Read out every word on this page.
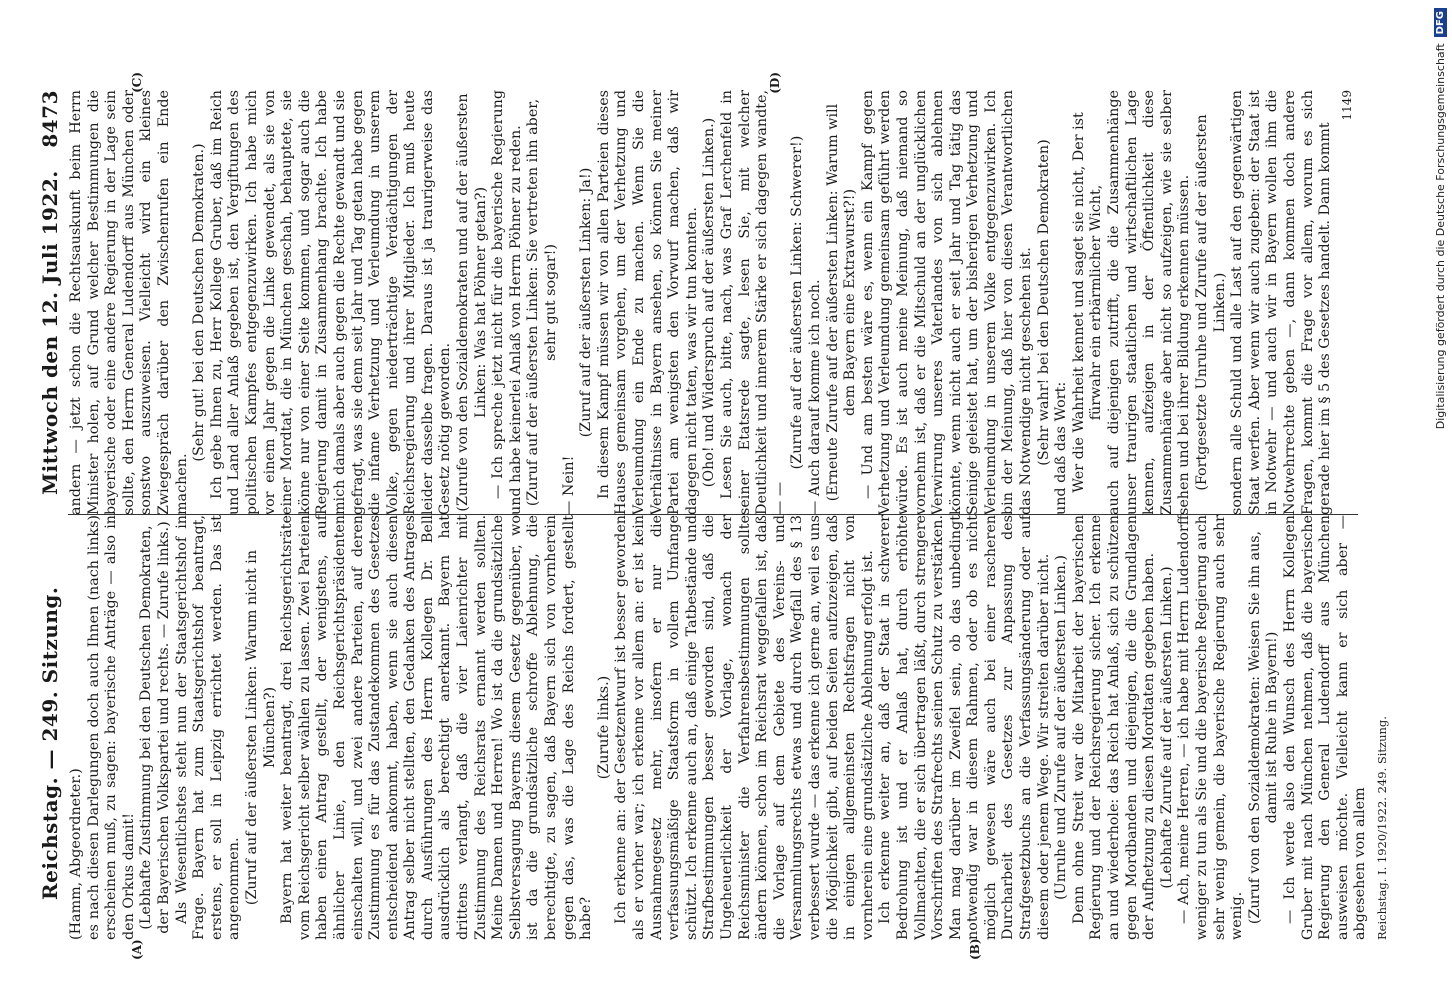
Reichstag. — 249. Sitzung.
Mittwoch den 12. Juli 1922.
8473
(A)	(B)
(C)	(D)

(Hamm, Abgeordneter.) es nach diesen Darlegungen doch auch Ihnen (nach links) erscheinen muß, zu sagen: bayerische Anträge — also in den Orkus damit! (Lebhafte Zustimmung bei den Deutschen Demokraten, der Bayerischen Volkspartei und rechts. — Zurufe links.) Als Wesentlichstes steht nun der Staatsgerichtshof in Frage. Bayern hat zum Staatsgerichtshof beantragt, erstens, er soll in Leipzig errichtet werden. Das ist angenommen. (Zuruf auf der äußersten Linken: Warum nicht in München?) Bayern hat weiter beantragt, drei Reichsgerichtsräte vom Reichsgericht selber wählen zu lassen. Zwei Parteien haben einen Antrag gestellt, der wenigstens, auf ähnlicher Linie, den Reichsgerichtspräsidenten einschalten will, und zwei andere Parteien, auf deren Zustimmung es für das Zustandekommen des Gesetzes entscheidend ankommt, haben, wenn sie auch diesen Antrag selber nicht stellten, den Gedanken des Antrages durch Ausführungen des Herrn Kollegen Dr. Bell ausdrücklich als berechtigt anerkannt. Bayern hat drittens verlangt, daß die vier Laienrichter mit Zustimmung des Reichsrats ernannt werden sollten. Meine Damen und Herren! Wo ist da die grundsätzliche Selbstversagung Bayerns diesem Gesetz gegenüber, wo ist da die grundsätzliche schroffe Ablehnung, die berechtigte, zu sagen, daß Bayern sich von vornherein gegen das, was die Lage des Reichs fordert, gestellt habe?

(Zurufe links.) Ich erkenne an: der Gesetzentwurf ist besser geworden als er vorher war; ich erkenne vor allem an: er ist kein Ausnahmegesetz mehr, insofern er nur die verfassungsmäßige Staatsform in vollem Umfange schützt. Ich erkenne auch an, daß einige Tatbestände und Strafbestimmungen besser geworden sind, daß die Ungeheuerlichkeit der Vorlage, wonach der Reichsminister die Verfahrensbestimmungen sollte ändern können, schon im Reichsrat weggefallen ist, daß die Vorlage auf dem Gebiete des Vereins- und Versammlungsrechts etwas und durch Wegfall des § 13 verbessert wurde — das erkenne ich gerne an, weil es uns die Möglichkeit gibt, auf beiden Seiten aufzuzeigen, daß in einigen allgemeinsten Rechtsfragen nicht von vornherein eine grundsätzliche Ablehnung erfolgt ist. Ich erkenne weiter an, daß der Staat in schwerer Bedrohung ist und er Anlaß hat, durch erhöhte Vollmachten, die er sich übertragen läßt, durch strengere Vorschriften des Strafrechts seinen Schutz zu verstärken. Man mag darüber im Zweifel sein, ob das unbedingt notwendig war in diesem Rahmen, oder ob es nicht möglich gewesen wäre auch bei einer rascheren Durcharbeit des Gesetzes zur Anpassung des Strafgesetzbuchs an die Verfassungsänderung oder auf diesem oder jenem Wege. Wir streiten darüber nicht. (Unruhe und Zurufe auf der äußersten Linken.) Denn ohne Streit war die Mitarbeit der bayerischen Regierung und der Reichsregierung sicher. Ich erkenne an und wiederhole: das Reich hat Anlaß, sich zu schützen gegen Mordbanden und diejenigen, die die Grundlagen der Aufhetzung zu diesen Mordtaten gegeben haben. (Lebhafte Zurufe auf der äußersten Linken.) — Ach, meine Herren, — ich habe mit Herrn Ludendorff weniger zu tun als Sie und die bayerische Regierung auch sehr wenig gemein, die bayerische Regierung auch sehr wenig. (Zuruf von den Sozialdemokraten: Weisen Sie ihn aus, damit ist Ruhe in Bayern!) — Ich werde also den Wunsch des Herrn Kollegen Gruber mit nach München nehmen, daß die bayerische Regierung den General Ludendorff aus München ausweisen möchte. Vielleicht kann er sich aber — abgesehen von allem Reichstag. I. 1920/1922. 249. Sitzung.

andern — jetzt schon die Rechtsauskunft beim Herrn Minister holen, auf Grund welcher Bestimmungen die bayerische oder eine andere Regierung in der Lage sein sollte, den Herrn General Ludendorff aus München oder sonstwo auszuweisen. Vielleicht wird ein kleines Zwiegespräch darüber den Zwischenrufen ein Ende machen.

(Sehr gut! bei den Deutschen Demokraten.) Ich gebe Ihnen zu, Herr Kollege Gruber, daß im Reich und Land aller Anlaß gegeben ist, den Vergiftungen des politischen Kampfes entgegenzuwirken. Ich habe mich vor einem Jahr gegen die Linke gewendet, als sie von einer Mordtat, die in München geschah, behauptete, sie könne nur von einer Seite kommen, und sogar auch die Regierung damit in Zusammenhang brachte. Ich habe mich damals aber auch gegen die Rechte gewandt und sie gefragt, was sie denn seit Jahr und Tag getan habe gegen die infame Verhetzung und Verleumdung in unserem Volke, gegen niederträchtige Verdächtigungen der Reichsregierung und ihrer Mitglieder. Ich muß heute leider dasselbe fragen. Daraus ist ja traurigerweise das Gesetz nötig geworden. (Zurufe von den Sozialdemokraten und auf der äußersten Linken: Was hat Pöhner getan?) — Ich spreche jetzt nicht für die bayerische Regierung und habe keinerlei Anlaß von Herrn Pöhner zu reden. (Zuruf auf der äußersten Linken: Sie vertreten ihn aber, sehr gut sogar!)

— Nein!

(Zuruf auf der äußersten Linken: Ja!) In diesem Kampf müssen wir von allen Parteien dieses Hauses gemeinsam vorgehen, um der Verhetzung und Verleumdung ein Ende zu machen. Wenn Sie die Verhältnisse in Bayern ansehen, so können Sie meiner Partei am wenigsten den Vorwurf machen, daß wir dagegen nicht taten, was wir tun konnten. (Oho! und Widerspruch auf der äußersten Linken.) Lesen Sie auch, bitte, nach, was Graf Lerchenfeld in seiner Etatsrede sagte, lesen Sie, mit welcher Deutlichkeit und innerem Stärke er sich dagegen wandte, — —

(Zurufe auf der äußersten Linken: Schwerer!) — Auch darauf komme ich noch. (Erneute Zurufe auf der äußersten Linken: Warum will dem Bayern eine Extrawurst?!) — Und am besten wäre es, wenn ein Kampf gegen Verhetzung und Verleumdung gemeinsam geführt werden würde. Es ist auch meine Meinung, daß niemand so vornehm ist, daß er die Mitschuld an der unglücklichen Verwirrung unseres Vaterlandes von sich ablehnen könnte, wenn nicht auch er seit Jahr und Tag tätig das Seinige geleistet hat, um der bisherigen Verhetzung und Verleumdung in unserem Volke entgegenzuwirken. Ich bin der Meinung, daß hier von diesen Verantwortlichen das Notwendige nicht geschehen ist. (Sehr wahr! bei den Deutschen Demokraten) und daß das Wort: Wer die Wahrheit kennet und saget sie nicht, Der ist fürwahr ein erbärmlicher Wicht, auch auf diejenigen zutrifft, die die Zusammenhänge unser traurigen staatlichen und wirtschaftlichen Lage kennen, aufzeigen in der Öffentlichkeit diese Zusammenhänge aber nicht so aufzeigen, wie sie selber sehen und bei ihrer Bildung erkennen müssen. (Fortgesetzte Unruhe und Zurufe auf der äußersten Linken.) sondern alle Schuld und alle Last auf den gegenwärtigen Staat werfen. Aber wenn wir auch zugeben: der Staat ist in Notwehr — und auch wir in Bayern wollen ihm die Notwehrrechte geben —, dann kommen doch andere Fragen, kommt die Frage vor allem, worum es sich gerade hier im § 5 des Gesetzes handelt. Dann kommt

1149	Digitalisierung gefördert durch die Deutsche Forschungsgemeinschaft
DFG
